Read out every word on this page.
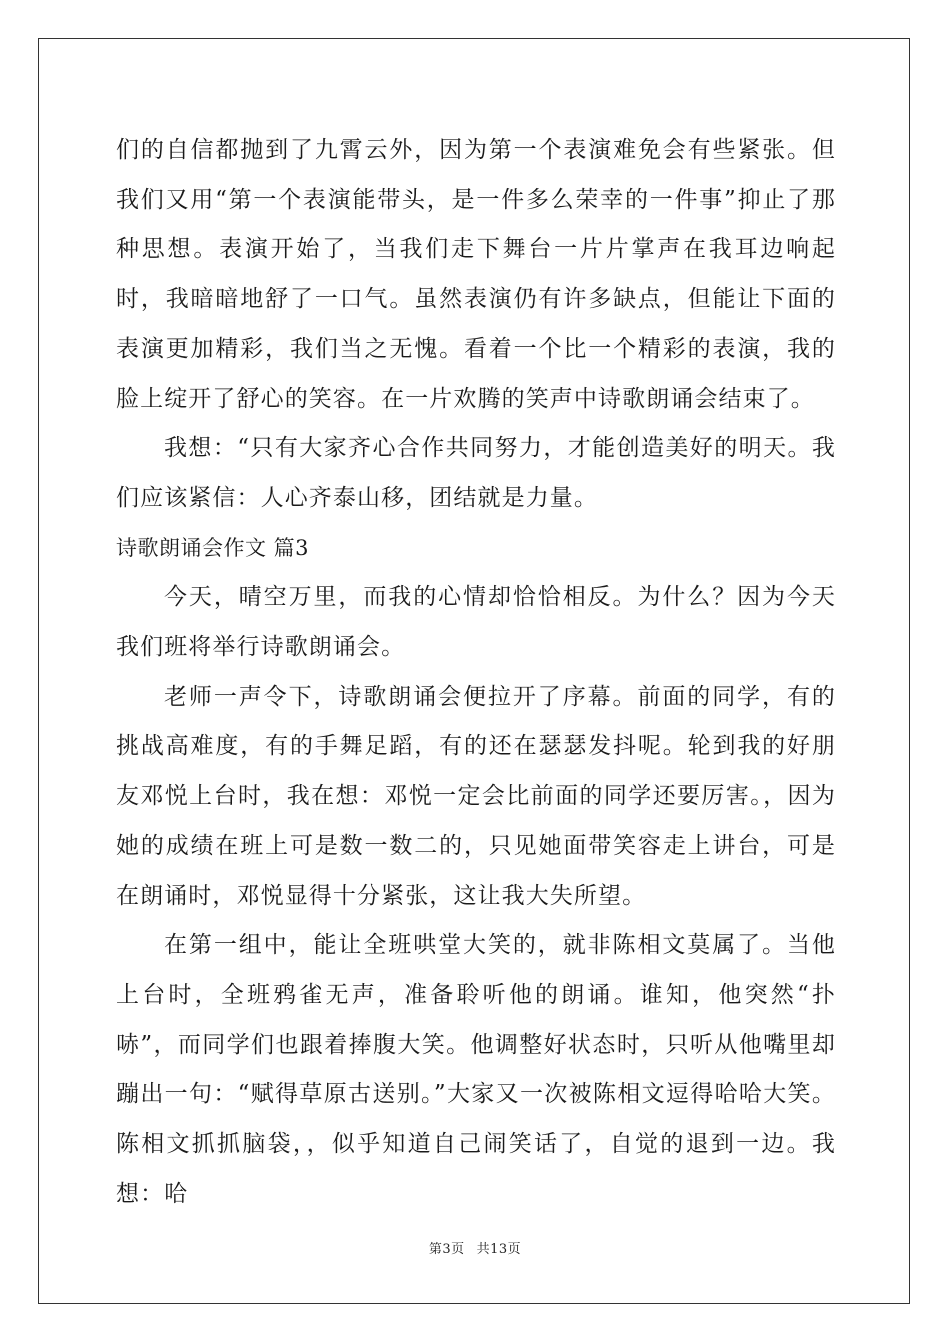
们的自信都抛到了九霄云外，因为第一个表演难免会有些紧张。但我们又用“第一个表演能带头，是一件多么荣幸的一件事”抑止了那种思想。表演开始了，当我们走下舞台一片片掌声在我耳边响起时，我暗暗地舒了一口气。虽然表演仍有许多缺点，但能让下面的表演更加精彩，我们当之无愧。看着一个比一个精彩的表演，我的脸上绽开了舒心的笑容。在一片欢腾的笑声中诗歌朗诵会结束了。

我想：“只有大家齐心合作共同努力，才能创造美好的明天。我们应该紧信：人心齐泰山移，团结就是力量。

诗歌朗诵会作文 篇3

今天，晴空万里，而我的心情却恰恰相反。为什么？因为今天我们班将举行诗歌朗诵会。

老师一声令下，诗歌朗诵会便拉开了序幕。前面的同学，有的挑战高难度，有的手舞足蹈，有的还在瑟瑟发抖呢。轮到我的好朋友邓悦上台时，我在想：邓悦一定会比前面的同学还要厉害。，因为她的成绩在班上可是数一数二的，只见她面带笑容走上讲台，可是在朗诵时，邓悦显得十分紧张，这让我大失所望。

在第一组中，能让全班哄堂大笑的，就非陈相文莫属了。当他上台时，全班鸦雀无声，准备聆听他的朗诵。谁知，他突然“扑哧”，而同学们也跟着捧腹大笑。他调整好状态时，只听从他嘴里却蹦出一句：“赋得草原古送别。”大家又一次被陈相文逗得哈哈大笑。陈相文抓抓脑袋，，似乎知道自己闹笑话了，自觉的退到一边。我想：哈

第3页 共13页
